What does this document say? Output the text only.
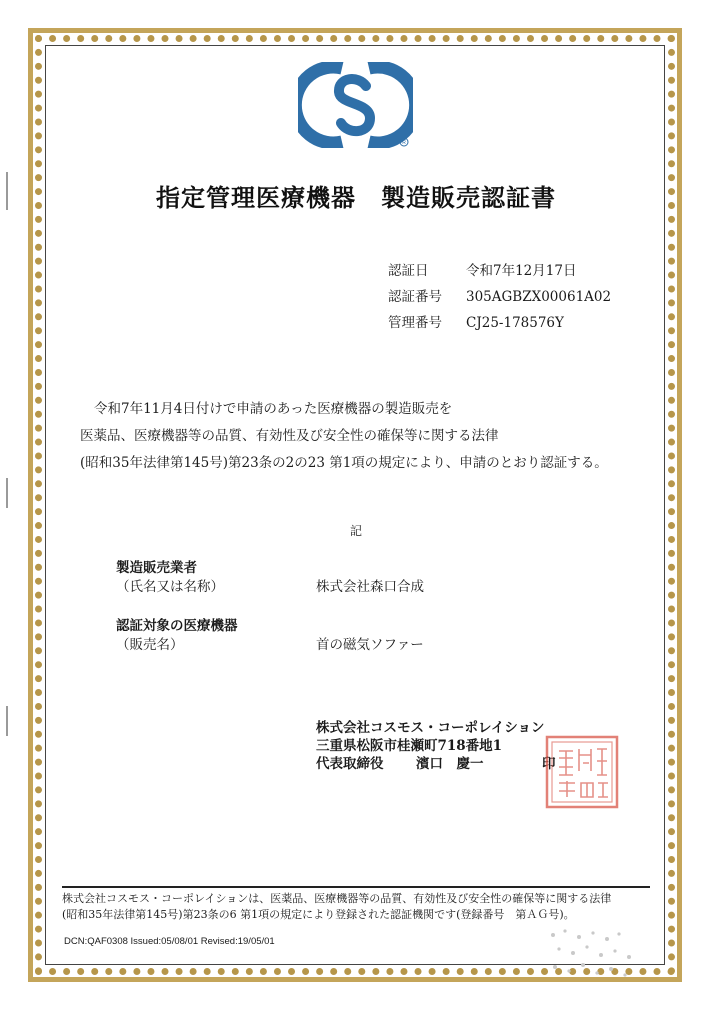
R
指定管理医療機器　製造販売認証書
認証日	令和7年12月17日
認証番号	305AGBZX00061A02
管理番号	CJ25-178576Y
令和7年11月4日付けで申請のあった医療機器の製造販売を
医薬品、医療機器等の品質、有効性及び安全性の確保等に関する法律
(昭和35年法律第145号)第23条の2の23 第1項の規定により、申請のとおり認証する。
記
製造販売業者
（氏名又は名称）	株式会社森口合成
認証対象の医療機器
（販売名）	首の磁気ソファー
株式会社コスモス・コーポレイション
三重県松阪市桂瀬町718番地1
代表取締役	濱口　慶一	印
株式会社コスモス・コーポレイションは、医薬品、医療機器等の品質、有効性及び安全性の確保等に関する法律
(昭和35年法律第145号)第23条の6 第1項の規定により登録された認証機関です(登録番号　第ＡＧ号)。
DCN:QAF0308 Issued:05/08/01 Revised:19/05/01
